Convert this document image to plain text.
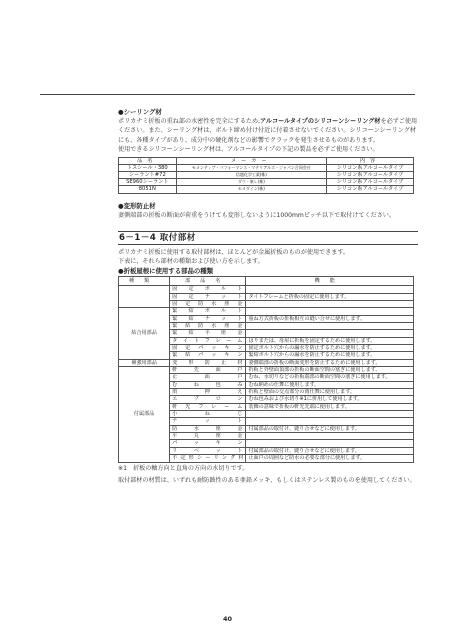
●シーリング材

ポリカナミ折板の重ね部の水密性を完全にするため,アルコールタイプのシリコーンシーリング材を必ずご使用ください。また、シーリング材は、ボルト締め付け付近に付着させないでください。シリコーンシーリング材にも、各種タイプがあり、成分中の硬化剤などの影響でクラックを発生させるものがあります。

使用できるシリコーンシーリング材は、アルコールタイプの下記の製品を必ずご使用ください。

品名	メーカー	内容
トスシール・380	モメンティブ・パフォーマンス・マテリアルズ・ジャパン合同会社	シリコン系アルコールタイプ
シーラント#72	信越化学工業(株)	シリコン系アルコールタイプ
SE960シーラント	ダウ・東レ(株)	シリコン系アルコールタイプ
8051N	セメダイン(株)	シリコン系アルコールタイプ
●変形防止材

妻側端部の折板の断面が荷重をうけても変形しないように1000mmピッチ以下で取付けてください。

6－1－4 取付部材

ポリカナミ折板に使用する取付部材は、ほとんどが金属折板のものが使用できます。

下表に、それら部材の種類および使い方を示します。

●折板屋根に使用する部品の種類
種類	部品名	機能
	固定ボルト	
	固定ナット	タイトフレームと折板の固定に使用します。
	固定防水座金	
結合用部品	緊結ボルト	
	緊結ナット	重ね方式折板の折板相互の縫い合せに使用します。
	緊結防水座金	
	緊結平座金	
	タイトフレーム	はりまたは、母屋に折板を固定するために使用します。
	固定パッキン	固定ボルト穴からの漏水を防止するために使用します。
	緊結パッキン	緊結ボルト穴からの漏水を防止するために使用します。
補強用部品	変形防止材	妻側端部の折板の断面変形を防止するために使用します。
付属部品	軒先面戸	折板と外壁面頂部の折板の断面空間の塞ぎに使用します。
	止面戸	むね、水切りなどの折板端部の断面空間の塞ぎに使用します。
	むね包み	むね納めの仕舞に使用します。
	雨押え	折板と壁面の交点部分の雨仕舞に使用します。
	エプロン	むね包みおよび水切り※1に併用して使用します。
	軒先フレーム	装飾の意味で折板の軒先先端に使用します。
	小ねじ	
	ナット	
	防水座金	付属部品の取付け、縫り合せなどに使用します。
	平丸座金	
	パッキン	
	リベット	付属部品の取付け、縫り合せなどに使用します。
	不定形シーリング材	止面戸の周囲など防水の必要な部分に使用します。

※1　折板の軸方向と直角の方向の水切りです。

取付部材の材質は、いずれも耐防蝕性のある亜鉛メッキ、もしくはステンレス製のものを使用してください。

40
